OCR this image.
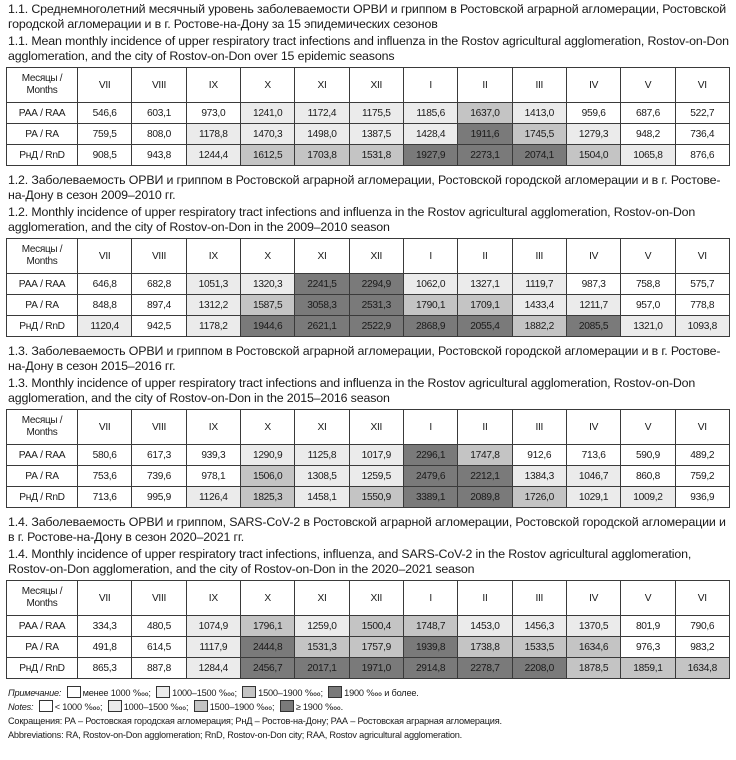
1.1. Среднемноголетний месячный уровень заболеваемости ОРВИ и гриппом в Ростовской аграрной агломерации, Ростовской городской агломерации и в г. Ростове-на-Дону за 15 эпидемических сезонов

1.1. Mean monthly incidence of upper respiratory tract infections and influenza in the Rostov agricultural agglomeration, Rostov-on-Don agglomeration, and the city of Rostov-on-Don over 15 epidemic seasons

Месяцы /
Months	VII	VIII	IX	X	XI	XII	I	II	III	IV	V	VI
РАА / RAA	546,6	603,1	973,0	1241,0	1172,4	1175,5	1185,6	1637,0	1413,0	959,6	687,6	522,7
РА / RA	759,5	808,0	1178,8	1470,3	1498,0	1387,5	1428,4	1911,6	1745,5	1279,3	948,2	736,4
РнД / RnD	908,5	943,8	1244,4	1612,5	1703,8	1531,8	1927,9	2273,1	2074,1	1504,0	1065,8	876,6

1.2. Заболеваемость ОРВИ и гриппом в Ростовской аграрной агломерации, Ростовской городской агломерации и в г. Ростове-на-Дону в сезон 2009–2010 гг.

1.2. Monthly incidence of upper respiratory tract infections and influenza in the Rostov agricultural agglomeration, Rostov-on-Don agglomeration, and the city of Rostov-on-Don in the 2009–2010 season

Месяцы /
Months	VII	VIII	IX	X	XI	XII	I	II	III	IV	V	VI
РАА / RAA	646,8	682,8	1051,3	1320,3	2241,5	2294,9	1062,0	1327,1	1119,7	987,3	758,8	575,7
РА / RA	848,8	897,4	1312,2	1587,5	3058,3	2531,3	1790,1	1709,1	1433,4	1211,7	957,0	778,8
РнД / RnD	1120,4	942,5	1178,2	1944,6	2621,1	2522,9	2868,9	2055,4	1882,2	2085,5	1321,0	1093,8

1.3. Заболеваемость ОРВИ и гриппом в Ростовской аграрной агломерации, Ростовской городской агломерации и в г. Ростове-на-Дону в сезон 2015–2016 гг.

1.3. Monthly incidence of upper respiratory tract infections and influenza in the Rostov agricultural agglomeration, Rostov-on-Don agglomeration, and the city of Rostov-on-Don in the 2015–2016 season

Месяцы /
Months	VII	VIII	IX	X	XI	XII	I	II	III	IV	V	VI
РАА / RAA	580,6	617,3	939,3	1290,9	1125,8	1017,9	2296,1	1747,8	912,6	713,6	590,9	489,2
РА / RA	753,6	739,6	978,1	1506,0	1308,5	1259,5	2479,6	2212,1	1384,3	1046,7	860,8	759,2
РнД / RnD	713,6	995,9	1126,4	1825,3	1458,1	1550,9	3389,1	2089,8	1726,0	1029,1	1009,2	936,9

1.4. Заболеваемость ОРВИ и гриппом, SARS-CoV-2 в Ростовской аграрной агломерации, Ростовской городской агломерации и в г. Ростове-на-Дону в сезон 2020–2021 гг.

1.4. Monthly incidence of upper respiratory tract infections, influenza, and SARS-CoV-2 in the Rostov agricultural agglomeration, Rostov-on-Don agglomeration, and the city of Rostov-on-Don in the 2020–2021 season

Месяцы /
Months	VII	VIII	IX	X	XI	XII	I	II	III	IV	V	VI
РАА / RAA	334,3	480,5	1074,9	1796,1	1259,0	1500,4	1748,7	1453,0	1456,3	1370,5	801,9	790,6
РА / RA	491,8	614,5	1117,9	2444,8	1531,3	1757,9	1939,8	1738,8	1533,5	1634,6	976,3	983,2
РнД / RnD	865,3	887,8	1284,4	2456,7	2017,1	1971,0	2914,8	2278,7	2208,0	1878,5	1859,1	1634,8
Примечание: менее 1000 ‱; 1000–1500 ‱; 1500–1900 ‱; 1900 ‱ и более.
Notes: < 1000 ‱; 1000–1500 ‱; 1500–1900 ‱; ≥ 1900 ‱.
Сокращения: РА – Ростовская городская агломерация; РнД – Ростов-на-Дону; РАА – Ростовская аграрная агломерация.
Abbreviations: RA, Rostov-on-Don agglomeration; RnD, Rostov-on-Don city; RAA, Rostov agricultural agglomeration.
